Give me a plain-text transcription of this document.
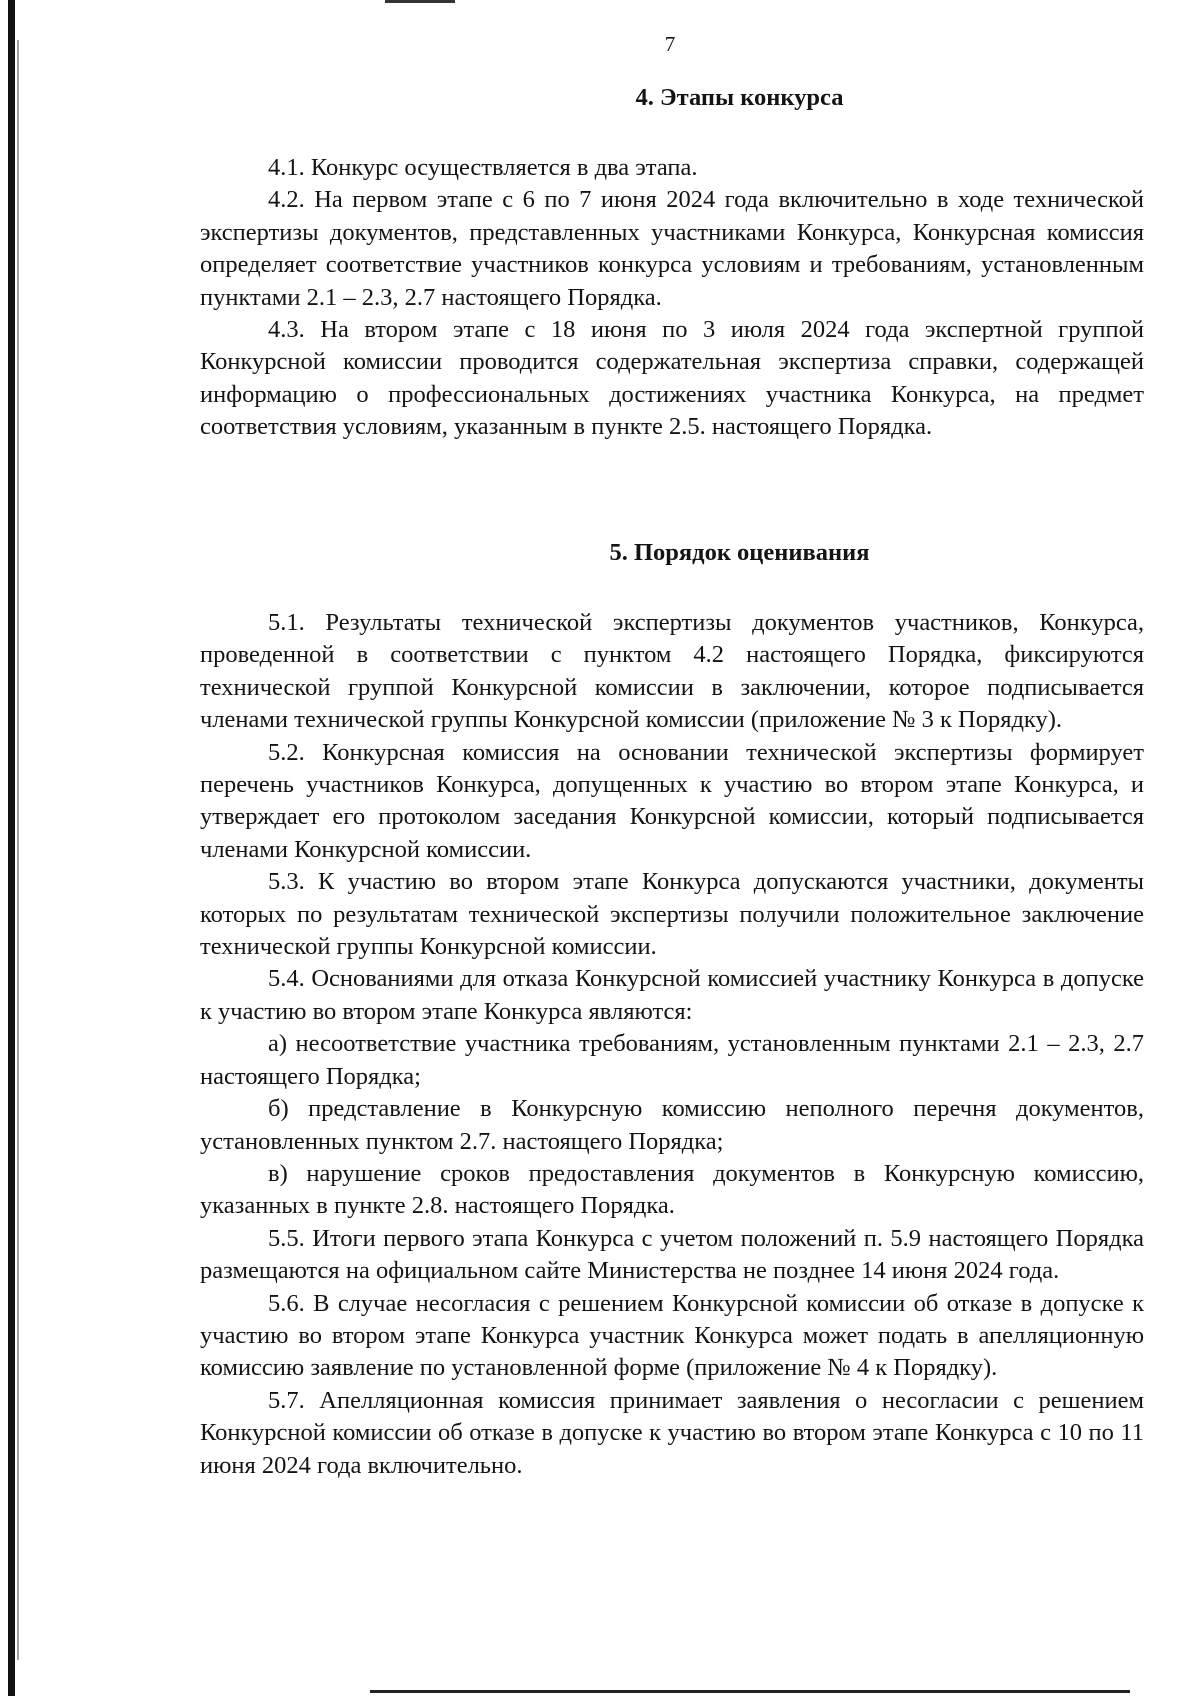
7
4. Этапы конкурса

4.1. Конкурс осуществляется в два этапа.

4.2. На первом этапе с 6 по 7 июня 2024 года включительно в ходе технической экспертизы документов, представленных участниками Конкурса, Конкурсная комиссия определяет соответствие участников конкурса условиям и требованиям, установленным пунктами 2.1 – 2.3, 2.7 настоящего Порядка.

4.3. На втором этапе с 18 июня по 3 июля 2024 года экспертной группой Конкурсной комиссии проводится содержательная экспертиза справки, содержащей информацию о профессиональных достижениях участника Конкурса, на предмет соответствия условиям, указанным в пункте 2.5. настоящего Порядка.

5. Порядок оценивания

5.1. Результаты технической экспертизы документов участников, Конкурса, проведенной в соответствии с пунктом 4.2 настоящего Порядка, фиксируются технической группой Конкурсной комиссии в заключении, которое подписывается членами технической группы Конкурсной комиссии (приложение № 3 к Порядку).

5.2. Конкурсная комиссия на основании технической экспертизы формирует перечень участников Конкурса, допущенных к участию во втором этапе Конкурса, и утверждает его протоколом заседания Конкурсной комиссии, который подписывается членами Конкурсной комиссии.

5.3. К участию во втором этапе Конкурса допускаются участники, документы которых по результатам технической экспертизы получили положительное заключение технической группы Конкурсной комиссии.

5.4. Основаниями для отказа Конкурсной комиссией участнику Конкурса в допуске к участию во втором этапе Конкурса являются:

а) несоответствие участника требованиям, установленным пунктами 2.1 – 2.3, 2.7 настоящего Порядка;

б) представление в Конкурсную комиссию неполного перечня документов, установленных пунктом 2.7. настоящего Порядка;

в) нарушение сроков предоставления документов в Конкурсную комиссию, указанных в пункте 2.8. настоящего Порядка.

5.5. Итоги первого этапа Конкурса с учетом положений п. 5.9 настоящего Порядка размещаются на официальном сайте Министерства не позднее 14 июня 2024 года.

5.6. В случае несогласия с решением Конкурсной комиссии об отказе в допуске к участию во втором этапе Конкурса участник Конкурса может подать в апелляционную комиссию заявление по установленной форме (приложение № 4 к Порядку).

5.7. Апелляционная комиссия принимает заявления о несогласии с решением Конкурсной комиссии об отказе в допуске к участию во втором этапе Конкурса с 10 по 11 июня 2024 года включительно.
